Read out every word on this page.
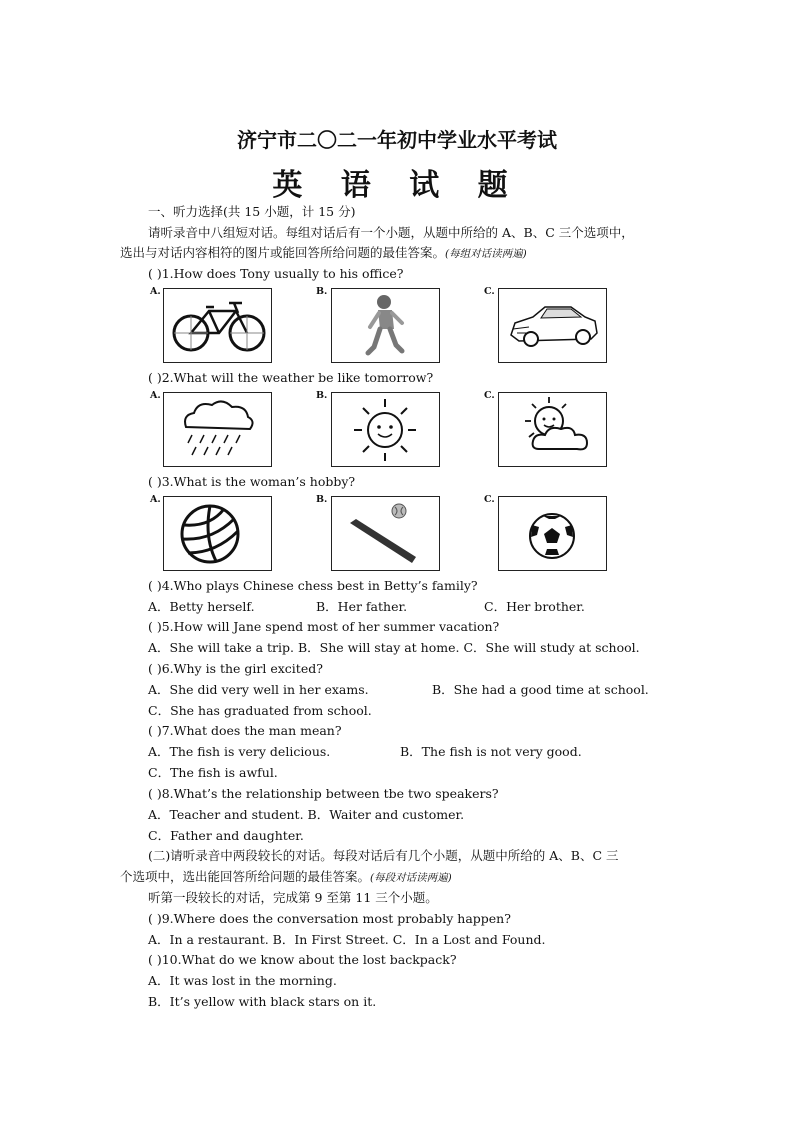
济宁市二〇二一年初中学业水平考试
英 语 试 题
一、听力选择(共 15 小题，计 15 分)
请听录音中八组短对话。每组对话后有一个小题，从题中所给的 A、B、C 三个选项中，
选出与对话内容相符的图片或能回答所给问题的最佳答案。(每组对话读两遍)
( )1.How does Tony usually to his office?
A.	B.	C.
( )2.What will the weather be like tomorrow?
A.	B.	C.
( )3.What is the woman’s hobby?
A.	B.	C.
( )4.Who plays Chinese chess best in Betty’s family?
A．Betty herself.	B．Her father.	C．Her brother.
( )5.How will Jane spend most of her summer vacation?
A．She will take a trip. B．She will stay at home. C．She will study at school.
( )6.Why is the girl excited?
A．She did very well in her exams.	B．She had a good time at school.
C．She has graduated from school.
( )7.What does the man mean?
A．The fish is very delicious.	B．The fish is not very good.
C．The fish is awful.
( )8.What’s the relationship between tbe two speakers?
A．Teacher and student. B．Waiter and customer.
C．Father and daughter.
(二)请听录音中两段较长的对话。每段对话后有几个小题，从题中所给的 A、B、C 三
个选项中，选出能回答所给问题的最佳答案。(每段对话读两遍)
听第一段较长的对话，完成第 9 至第 11 三个小题。
( )9.Where does the conversation most probably happen?
A．In a restaurant. B．In First Street. C．In a Lost and Found.
( )10.What do we know about the lost backpack?
A．It was lost in the morning.
B．It’s yellow with black stars on it.
